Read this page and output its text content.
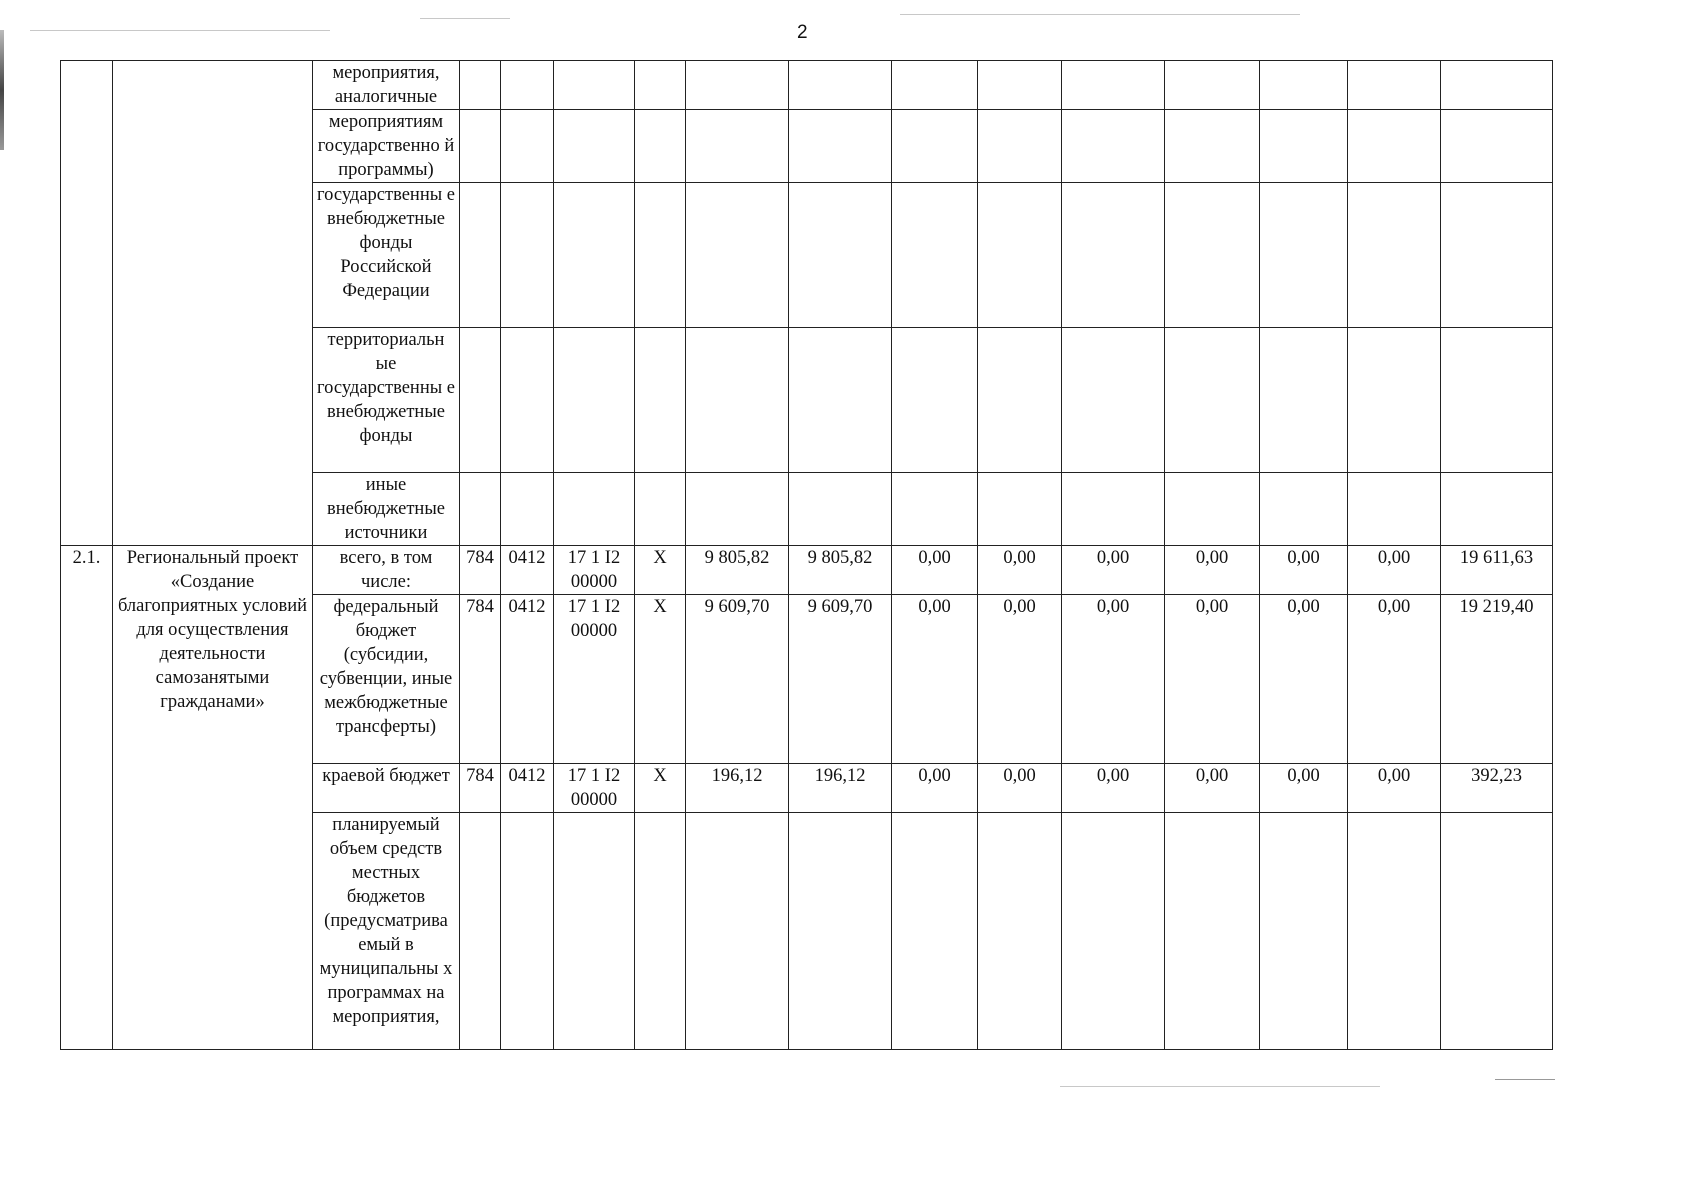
2
		мероприятия, аналогичные													
		мероприятиям государственно й программы)													
		государственны е внебюджетные фонды Российской Федерации													
		территориальн ые государственны е внебюджетные фонды													
		иные внебюджетные источники													
2.1.	Региональный проект «Создание благоприятных условий для осуществления деятельности самозанятыми гражданами»	всего, в том числе:	784	0412	17 1 I2 00000	X	9 805,82	9 805,82	0,00	0,00	0,00	0,00	0,00	0,00	19 611,63
		федеральный бюджет (субсидии, субвенции, иные межбюджетные трансферты)	784	0412	17 1 I2 00000	X	9 609,70	9 609,70	0,00	0,00	0,00	0,00	0,00	0,00	19 219,40
		краевой бюджет	784	0412	17 1 I2 00000	X	196,12	196,12	0,00	0,00	0,00	0,00	0,00	0,00	392,23
		планируемый объем средств местных бюджетов (предусматрива емый в муниципальны х программах на мероприятия,													
